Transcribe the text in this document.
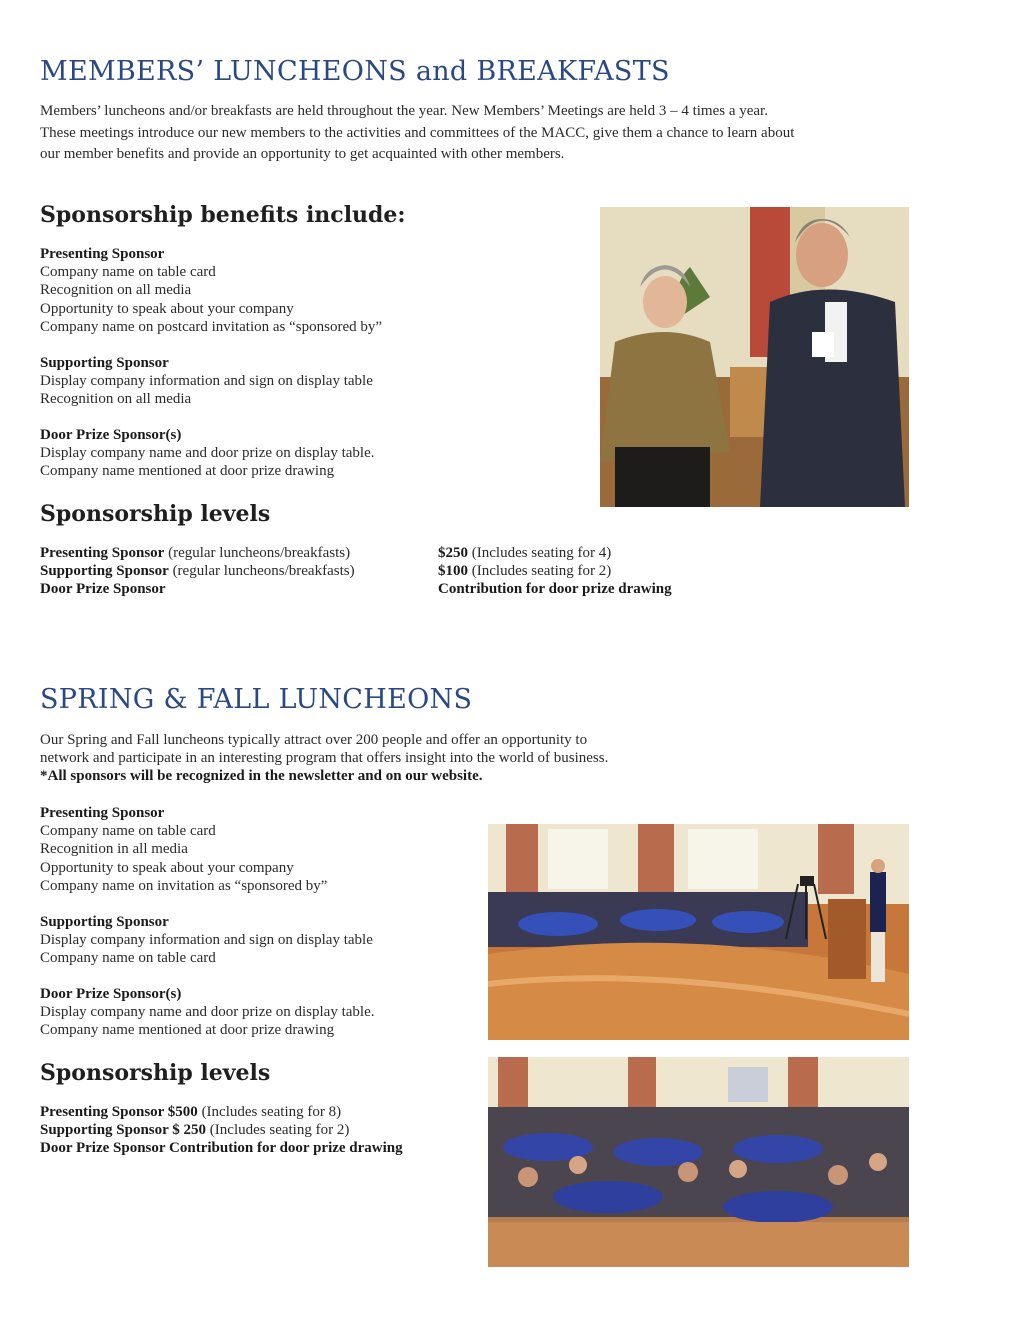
MEMBERS’ LUNCHEONS and BREAKFASTS
Members’ luncheons and/or breakfasts are held throughout the year. New Members’ Meetings are held 3 – 4 times a year.
These meetings introduce our new members to the activities and committees of the MACC, give them a chance to learn about
our member benefits and provide an opportunity to get acquainted with other members.
Sponsorship benefits include:
Presenting Sponsor
Company name on table card
Recognition on all media
Opportunity to speak about your company
Company name on postcard invitation as “sponsored by”
Supporting Sponsor
Display company information and sign on display table
Recognition on all media
Door Prize Sponsor(s)
Display company name and door prize on display table.
Company name mentioned at door prize drawing
Sponsorship levels
Presenting Sponsor (regular luncheons/breakfasts)
Supporting Sponsor (regular luncheons/breakfasts)
Door Prize Sponsor
$250 (Includes seating for 4)
$100 (Includes seating for 2)
Contribution for door prize drawing
SPRING & FALL LUNCHEONS
Our Spring and Fall luncheons typically attract over 200 people and offer an opportunity to
network and participate in an interesting program that offers insight into the world of business.
*All sponsors will be recognized in the newsletter and on our website.
Presenting Sponsor
Company name on table card
Recognition in all media
Opportunity to speak about your company
Company name on invitation as “sponsored by”
Supporting Sponsor
Display company information and sign on display table
Company name on table card
Door Prize Sponsor(s)
Display company name and door prize on display table.
Company name mentioned at door prize drawing
Sponsorship levels
Presenting Sponsor $500 (Includes seating for 8)
Supporting Sponsor $ 250 (Includes seating for 2)
Door Prize Sponsor Contribution for door prize drawing
